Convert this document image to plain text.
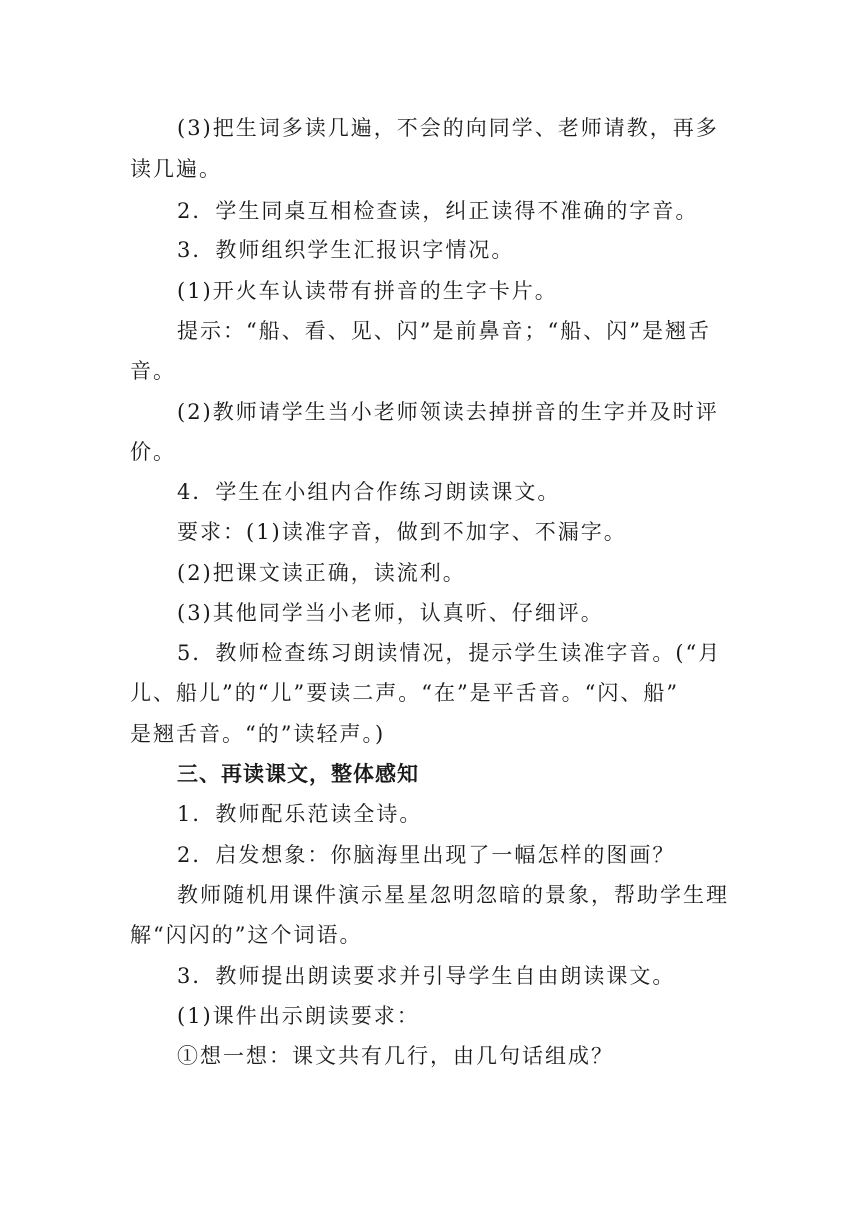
(3)把生词多读几遍，不会的向同学、老师请教，再多
读几遍。
2．学生同桌互相检查读，纠正读得不准确的字音。
3．教师组织学生汇报识字情况。
(1)开火车认读带有拼音的生字卡片。
提示：“船、看、见、闪”是前鼻音；“船、闪”是翘舌
音。
(2)教师请学生当小老师领读去掉拼音的生字并及时评
价。
4．学生在小组内合作练习朗读课文。
要求：(1)读准字音，做到不加字、不漏字。
(2)把课文读正确，读流利。
(3)其他同学当小老师，认真听、仔细评。
5．教师检查练习朗读情况，提示学生读准字音。(“月
儿、船儿”的“儿”要读二声。“在”是平舌音。“闪、船”
是翘舌音。“的”读轻声。)
三、再读课文，整体感知
1．教师配乐范读全诗。
2．启发想象：你脑海里出现了一幅怎样的图画？
教师随机用课件演示星星忽明忽暗的景象，帮助学生理
解“闪闪的”这个词语。
3．教师提出朗读要求并引导学生自由朗读课文。
(1)课件出示朗读要求：
①想一想：课文共有几行，由几句话组成？
